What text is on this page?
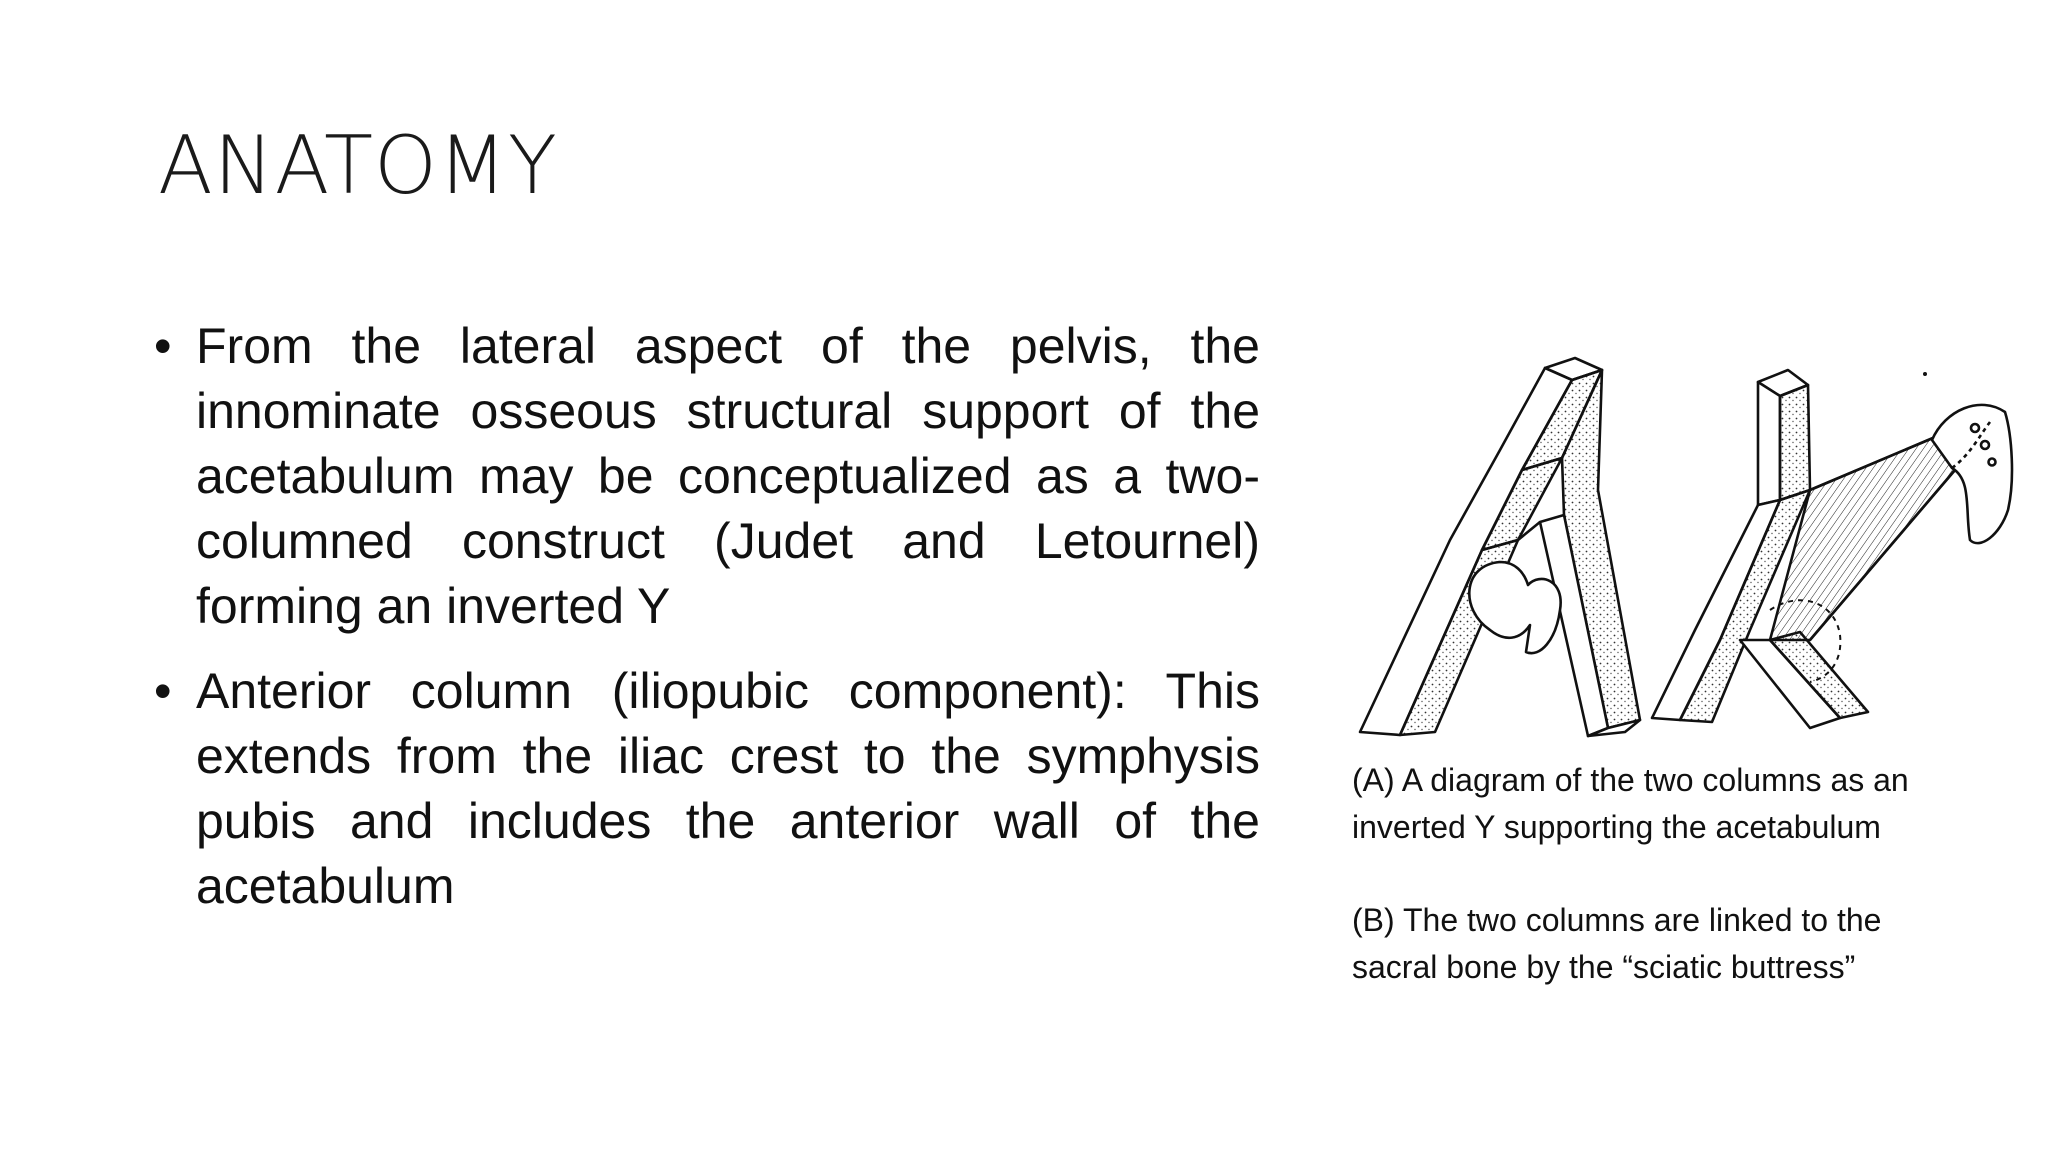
ANATOMY
• From the lateral aspect of the pelvis, the innominate osseous structural support of the acetabulum may be conceptualized as a two-columned construct (Judet and Letournel) forming an inverted Y
• Anterior column (iliopubic component): This extends from the iliac crest to the symphysis pubis and includes the anterior wall of the acetabulum

(A) A diagram of the two columns as an

inverted Y supporting the acetabulum

(B) The two columns are linked to the

sacral bone by the “sciatic buttress”
